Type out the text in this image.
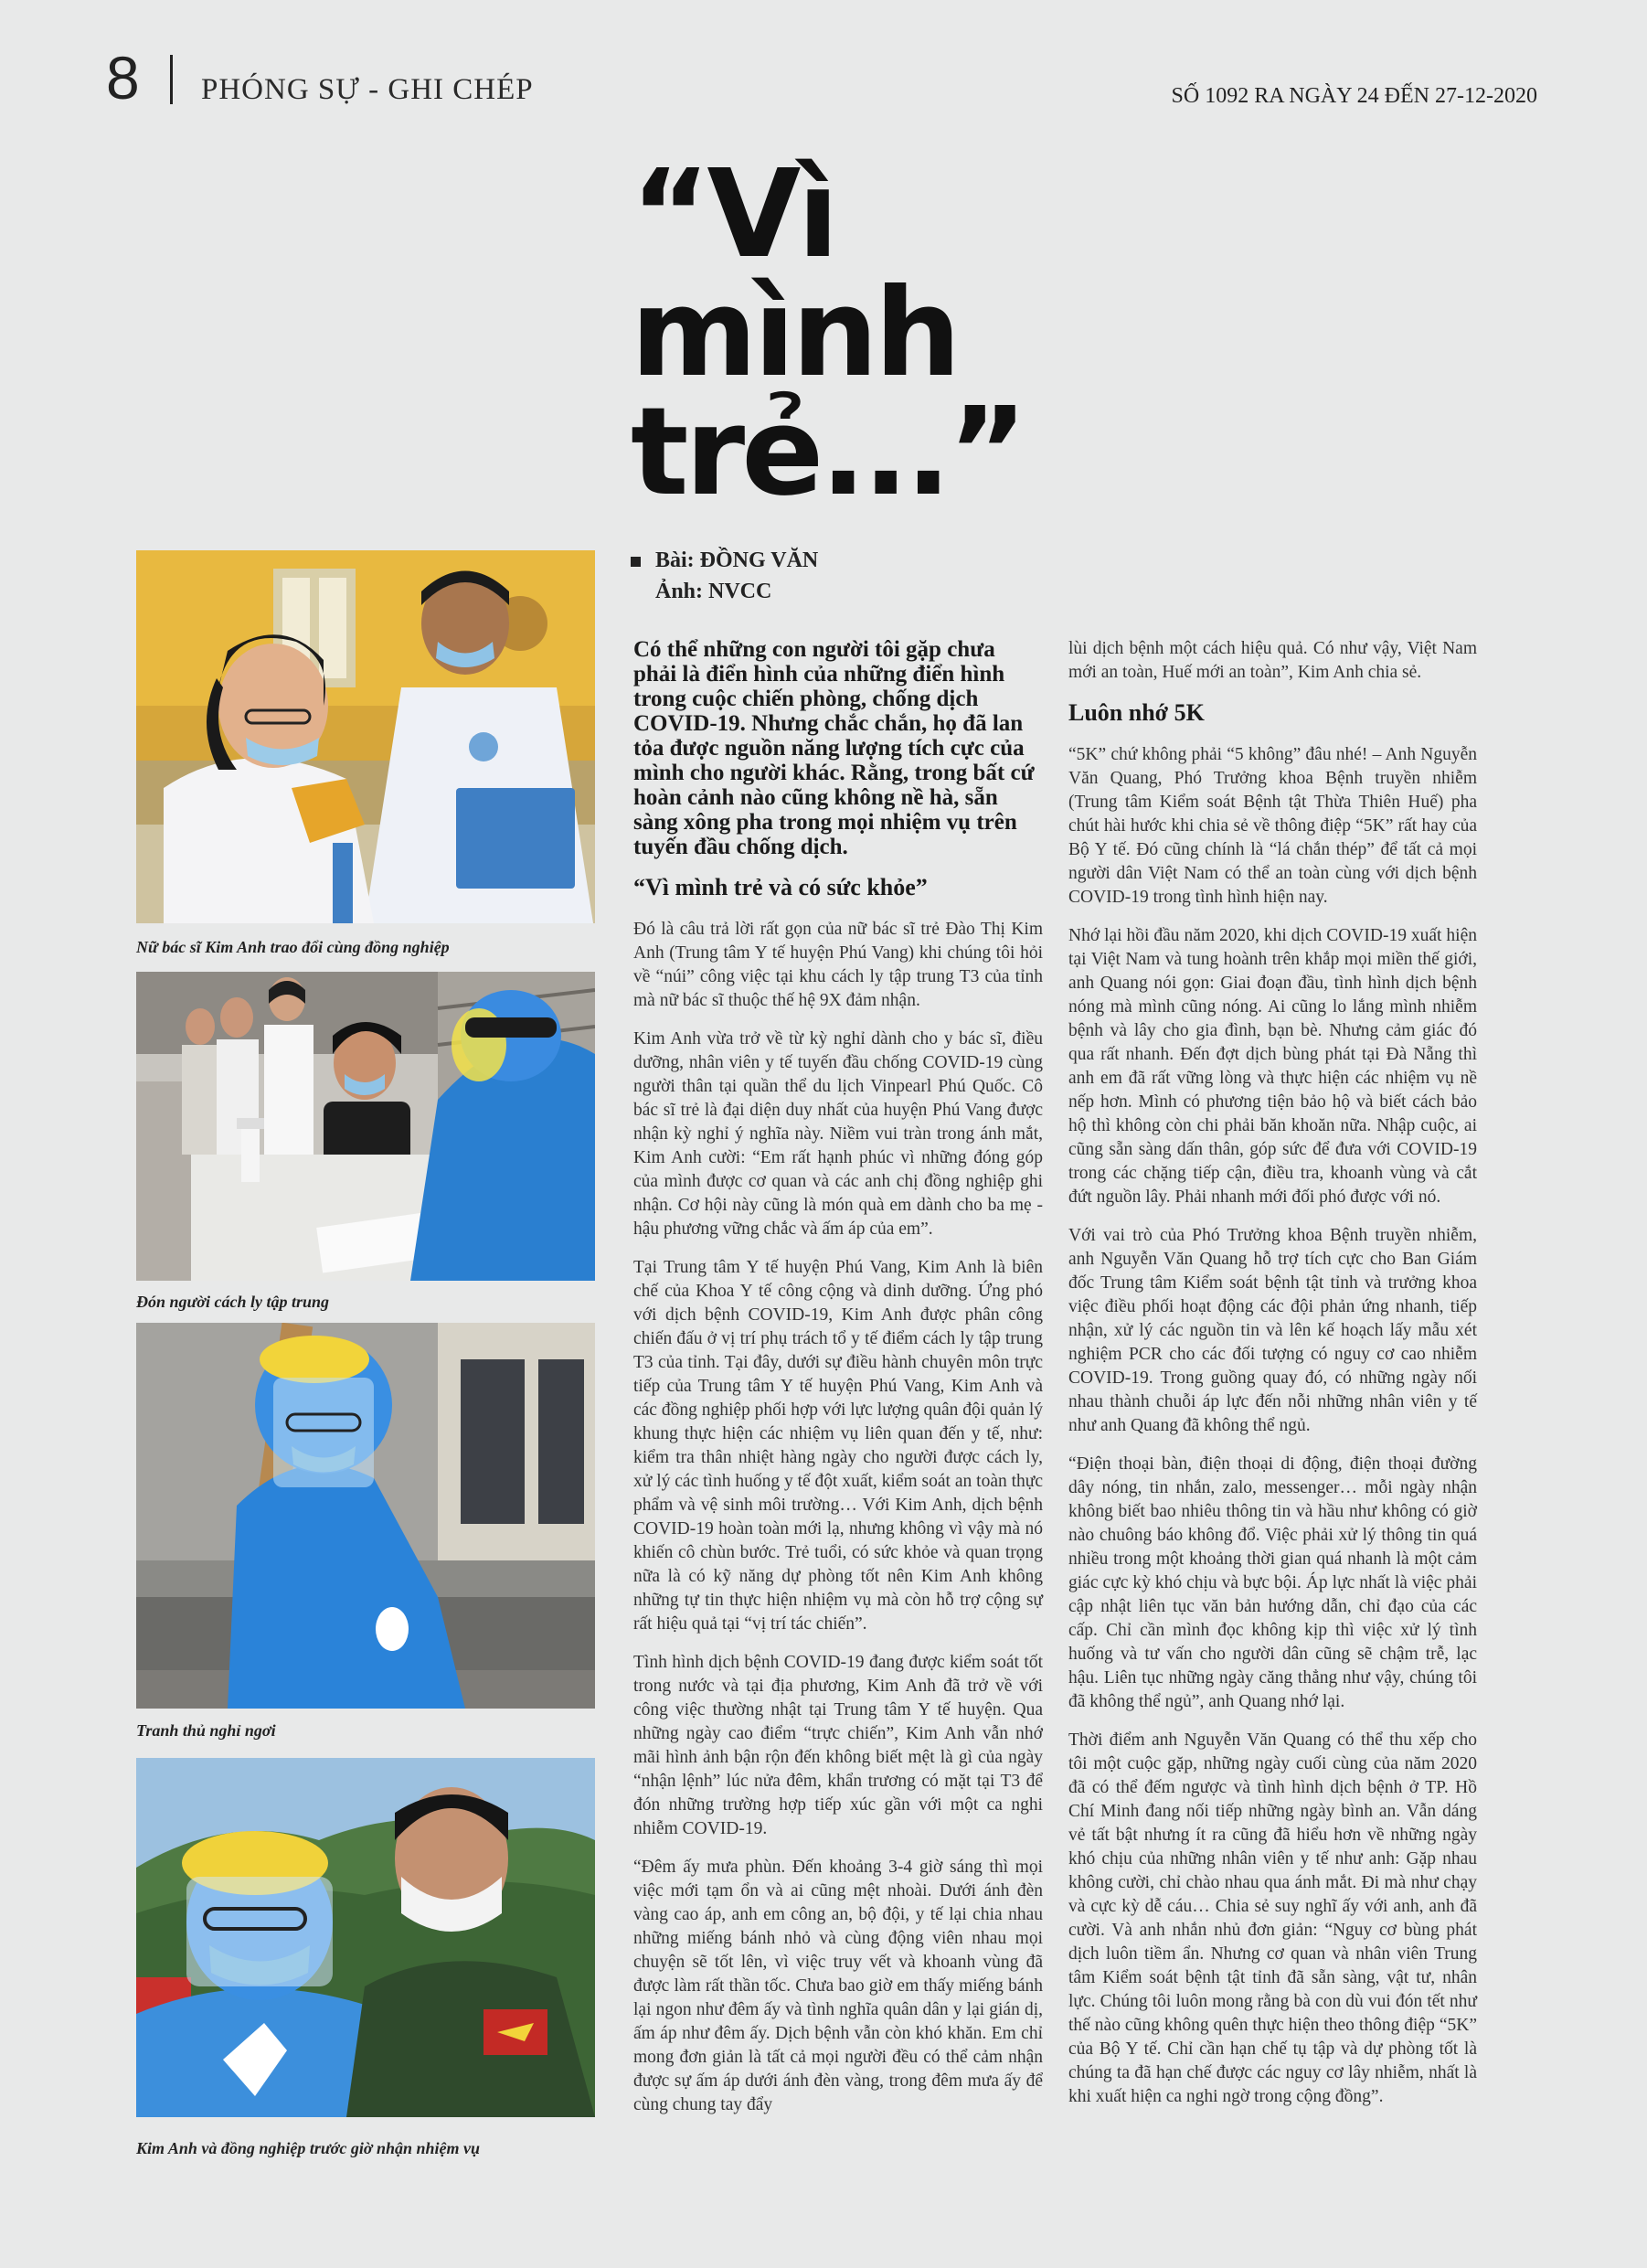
8 PHÓNG SỰ - GHI CHÉP	SỐ 1092 RA NGÀY 24 ĐẾN 27-12-2020
“Vì
mình
trẻ...”
Bài: ĐỒNG VĂN
Ảnh: NVCC
Nữ bác sĩ Kim Anh trao đổi cùng đồng nghiệp
Đón người cách ly tập trung
Tranh thủ nghỉ ngơi
Kim Anh và đồng nghiệp trước giờ nhận nhiệm vụ

Có thể những con người tôi gặp chưa phải là điển hình của những điển hình trong cuộc chiến phòng, chống dịch COVID-19. Nhưng chắc chắn, họ đã lan tỏa được nguồn năng lượng tích cực của mình cho người khác. Rằng, trong bất cứ hoàn cảnh nào cũng không nề hà, sẵn sàng xông pha trong mọi nhiệm vụ trên tuyến đầu chống dịch.

“Vì mình trẻ và có sức khỏe”

Đó là câu trả lời rất gọn của nữ bác sĩ trẻ Đào Thị Kim Anh (Trung tâm Y tế huyện Phú Vang) khi chúng tôi hỏi về “núi” công việc tại khu cách ly tập trung T3 của tỉnh mà nữ bác sĩ thuộc thế hệ 9X đảm nhận.

Kim Anh vừa trở về từ kỳ nghỉ dành cho y bác sĩ, điều dưỡng, nhân viên y tế tuyến đầu chống COVID-19 cùng người thân tại quần thể du lịch Vinpearl Phú Quốc. Cô bác sĩ trẻ là đại diện duy nhất của huyện Phú Vang được nhận kỳ nghỉ ý nghĩa này. Niềm vui tràn trong ánh mắt, Kim Anh cười: “Em rất hạnh phúc vì những đóng góp của mình được cơ quan và các anh chị đồng nghiệp ghi nhận. Cơ hội này cũng là món quà em dành cho ba mẹ - hậu phương vững chắc và ấm áp của em”.

Tại Trung tâm Y tế huyện Phú Vang, Kim Anh là biên chế của Khoa Y tế công cộng và dinh dưỡng. Ứng phó với dịch bệnh COVID-19, Kim Anh được phân công chiến đấu ở vị trí phụ trách tổ y tế điểm cách ly tập trung T3 của tỉnh. Tại đây, dưới sự điều hành chuyên môn trực tiếp của Trung tâm Y tế huyện Phú Vang, Kim Anh và các đồng nghiệp phối hợp với lực lượng quân đội quản lý khung thực hiện các nhiệm vụ liên quan đến y tế, như: kiểm tra thân nhiệt hàng ngày cho người được cách ly, xử lý các tình huống y tế đột xuất, kiểm soát an toàn thực phẩm và vệ sinh môi trường… Với Kim Anh, dịch bệnh COVID-19 hoàn toàn mới lạ, nhưng không vì vậy mà nó khiến cô chùn bước. Trẻ tuổi, có sức khỏe và quan trọng nữa là có kỹ năng dự phòng tốt nên Kim Anh không những tự tin thực hiện nhiệm vụ mà còn hỗ trợ cộng sự rất hiệu quả tại “vị trí tác chiến”.

Tình hình dịch bệnh COVID-19 đang được kiểm soát tốt trong nước và tại địa phương, Kim Anh đã trở về với công việc thường nhật tại Trung tâm Y tế huyện. Qua những ngày cao điểm “trực chiến”, Kim Anh vẫn nhớ mãi hình ảnh bận rộn đến không biết mệt là gì của ngày “nhận lệnh” lúc nửa đêm, khẩn trương có mặt tại T3 để đón những trường hợp tiếp xúc gần với một ca nghi nhiễm COVID-19.

“Đêm ấy mưa phùn. Đến khoảng 3-4 giờ sáng thì mọi việc mới tạm ổn và ai cũng mệt nhoài. Dưới ánh đèn vàng cao áp, anh em công an, bộ đội, y tế lại chia nhau những miếng bánh nhỏ và cùng động viên nhau mọi chuyện sẽ tốt lên, vì việc truy vết và khoanh vùng đã được làm rất thần tốc. Chưa bao giờ em thấy miếng bánh lại ngon như đêm ấy và tình nghĩa quân dân y lại gián dị, ấm áp như đêm ấy. Dịch bệnh vẫn còn khó khăn. Em chỉ mong đơn giản là tất cả mọi người đều có thể cảm nhận được sự ấm áp dưới ánh đèn vàng, trong đêm mưa ấy để cùng chung tay đẩy

lùi dịch bệnh một cách hiệu quả. Có như vậy, Việt Nam mới an toàn, Huế mới an toàn”, Kim Anh chia sẻ.

Luôn nhớ 5K

“5K” chứ không phải “5 không” đâu nhé! – Anh Nguyễn Văn Quang, Phó Trưởng khoa Bệnh truyền nhiễm (Trung tâm Kiểm soát Bệnh tật Thừa Thiên Huế) pha chút hài hước khi chia sẻ về thông điệp “5K” rất hay của Bộ Y tế. Đó cũng chính là “lá chắn thép” để tất cả mọi người dân Việt Nam có thể an toàn cùng với dịch bệnh COVID-19 trong tình hình hiện nay.

Nhớ lại hồi đầu năm 2020, khi dịch COVID-19 xuất hiện tại Việt Nam và tung hoành trên khắp mọi miền thế giới, anh Quang nói gọn: Giai đoạn đầu, tình hình dịch bệnh nóng mà mình cũng nóng. Ai cũng lo lắng mình nhiễm bệnh và lây cho gia đình, bạn bè. Nhưng cảm giác đó qua rất nhanh. Đến đợt dịch bùng phát tại Đà Nẵng thì anh em đã rất vững lòng và thực hiện các nhiệm vụ nề nếp hơn. Mình có phương tiện bảo hộ và biết cách bảo hộ thì không còn chi phải băn khoăn nữa. Nhập cuộc, ai cũng sẵn sàng dấn thân, góp sức để đưa với COVID-19 trong các chặng tiếp cận, điều tra, khoanh vùng và cắt đứt nguồn lây. Phải nhanh mới đối phó được với nó.

Với vai trò của Phó Trưởng khoa Bệnh truyền nhiễm, anh Nguyễn Văn Quang hỗ trợ tích cực cho Ban Giám đốc Trung tâm Kiểm soát bệnh tật tỉnh và trưởng khoa việc điều phối hoạt động các đội phản ứng nhanh, tiếp nhận, xử lý các nguồn tin và lên kế hoạch lấy mẫu xét nghiệm PCR cho các đối tượng có nguy cơ cao nhiễm COVID-19. Trong guồng quay đó, có những ngày nối nhau thành chuỗi áp lực đến nỗi những nhân viên y tế như anh Quang đã không thể ngủ.

“Điện thoại bàn, điện thoại di động, điện thoại đường dây nóng, tin nhắn, zalo, messenger… mỗi ngày nhận không biết bao nhiêu thông tin và hầu như không có giờ nào chuông báo không đổ. Việc phải xử lý thông tin quá nhiều trong một khoảng thời gian quá nhanh là một cảm giác cực kỳ khó chịu và bực bội. Áp lực nhất là việc phải cập nhật liên tục văn bản hướng dẫn, chỉ đạo của các cấp. Chỉ cần mình đọc không kịp thì việc xử lý tình huống và tư vấn cho người dân cũng sẽ chậm trễ, lạc hậu. Liên tục những ngày căng thẳng như vậy, chúng tôi đã không thể ngủ”, anh Quang nhớ lại.

Thời điểm anh Nguyễn Văn Quang có thể thu xếp cho tôi một cuộc gặp, những ngày cuối cùng của năm 2020 đã có thể đếm ngược và tình hình dịch bệnh ở TP. Hồ Chí Minh đang nối tiếp những ngày bình an. Vẫn dáng vẻ tất bật nhưng ít ra cũng đã hiểu hơn về những ngày khó chịu của những nhân viên y tế như anh: Gặp nhau không cười, chỉ chào nhau qua ánh mắt. Đi mà như chạy và cực kỳ dễ cáu… Chia sẻ suy nghĩ ấy với anh, anh đã cười. Và anh nhắn nhủ đơn giản: “Nguy cơ bùng phát dịch luôn tiềm ẩn. Nhưng cơ quan và nhân viên Trung tâm Kiểm soát bệnh tật tỉnh đã sẵn sàng, vật tư, nhân lực. Chúng tôi luôn mong rằng bà con dù vui đón tết như thế nào cũng không quên thực hiện theo thông điệp “5K” của Bộ Y tế. Chỉ cần hạn chế tụ tập và dự phòng tốt là chúng ta đã hạn chế được các nguy cơ lây nhiễm, nhất là khi xuất hiện ca nghi ngờ trong cộng đồng”.
